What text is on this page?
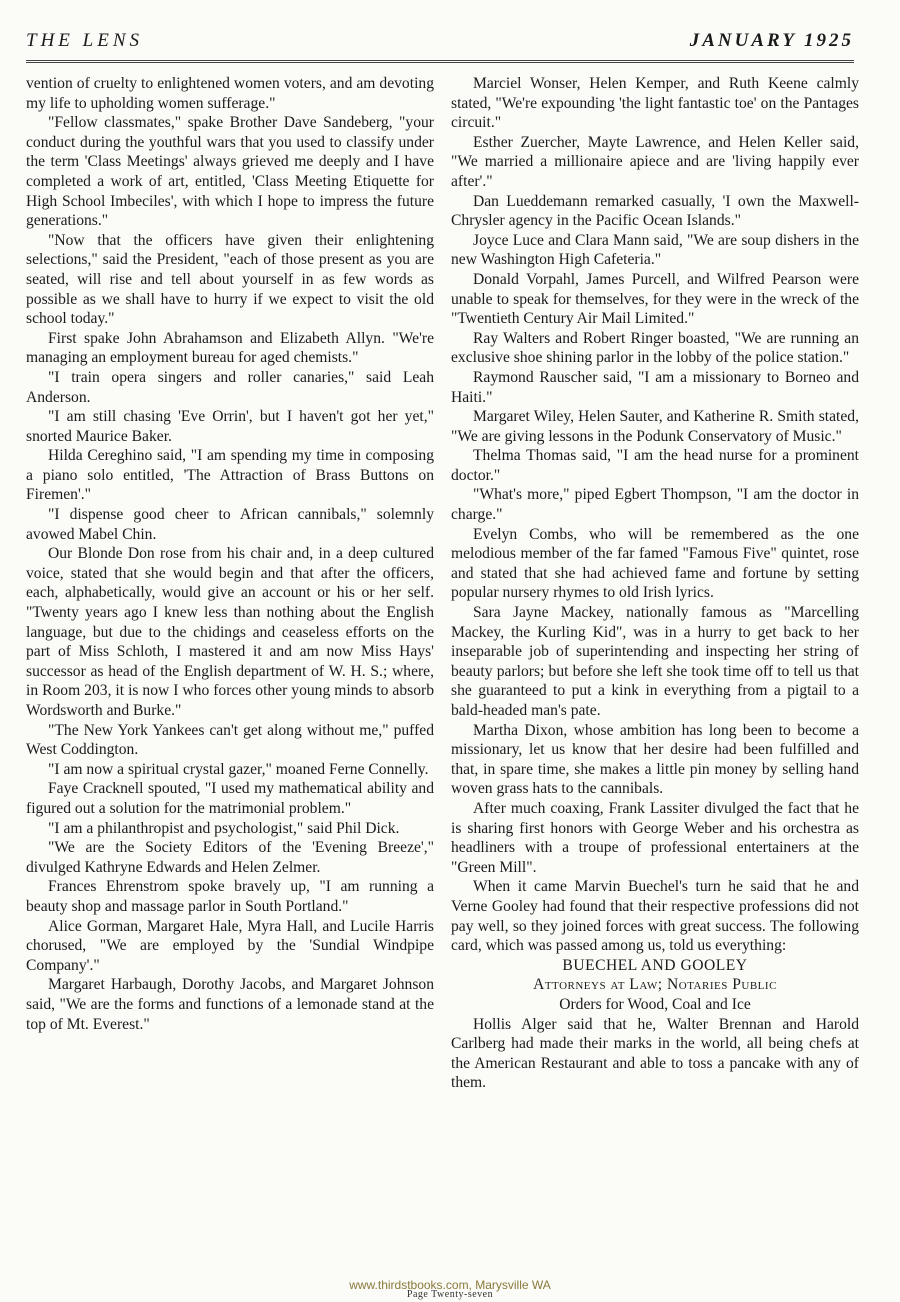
THE LENS	JANUARY 1925

vention of cruelty to enlightened women voters, and am devoting my life to upholding women sufferage."

"Fellow classmates," spake Brother Dave Sandeberg, "your conduct during the youthful wars that you used to classify under the term 'Class Meetings' always grieved me deeply and I have completed a work of art, entitled, 'Class Meeting Etiquette for High School Imbeciles', with which I hope to impress the future generations."

"Now that the officers have given their enlightening selections," said the President, "each of those present as you are seated, will rise and tell about yourself in as few words as possible as we shall have to hurry if we expect to visit the old school today."

First spake John Abrahamson and Elizabeth Allyn. "We're managing an employment bureau for aged chemists."

"I train opera singers and roller canaries," said Leah Anderson.

"I am still chasing 'Eve Orrin', but I haven't got her yet," snorted Maurice Baker.

Hilda Cereghino said, "I am spending my time in composing a piano solo entitled, 'The Attraction of Brass Buttons on Firemen'."

"I dispense good cheer to African cannibals," solemnly avowed Mabel Chin.

Our Blonde Don rose from his chair and, in a deep cultured voice, stated that she would begin and that after the officers, each, alphabetically, would give an account or his or her self. "Twenty years ago I knew less than nothing about the English language, but due to the chidings and ceaseless efforts on the part of Miss Schloth, I mastered it and am now Miss Hays' successor as head of the English department of W. H. S.; where, in Room 203, it is now I who forces other young minds to absorb Wordsworth and Burke."

"The New York Yankees can't get along without me," puffed West Coddington.

"I am now a spiritual crystal gazer," moaned Ferne Connelly.

Faye Cracknell spouted, "I used my mathematical ability and figured out a solution for the matrimonial problem."

"I am a philanthropist and psychologist," said Phil Dick.

"We are the Society Editors of the 'Evening Breeze'," divulged Kathryne Edwards and Helen Zelmer.

Frances Ehrenstrom spoke bravely up, "I am running a beauty shop and massage parlor in South Portland."

Alice Gorman, Margaret Hale, Myra Hall, and Lucile Harris chorused, "We are employed by the 'Sundial Windpipe Company'."

Margaret Harbaugh, Dorothy Jacobs, and Margaret Johnson said, "We are the forms and functions of a lemonade stand at the top of Mt. Everest."

Marciel Wonser, Helen Kemper, and Ruth Keene calmly stated, "We're expounding 'the light fantastic toe' on the Pantages circuit."

Esther Zuercher, Mayte Lawrence, and Helen Keller said, "We married a millionaire apiece and are 'living happily ever after'."

Dan Lueddemann remarked casually, 'I own the Maxwell-Chrysler agency in the Pacific Ocean Islands."

Joyce Luce and Clara Mann said, "We are soup dishers in the new Washington High Cafeteria."

Donald Vorpahl, James Purcell, and Wilfred Pearson were unable to speak for themselves, for they were in the wreck of the "Twentieth Century Air Mail Limited."

Ray Walters and Robert Ringer boasted, "We are running an exclusive shoe shining parlor in the lobby of the police station."

Raymond Rauscher said, "I am a missionary to Borneo and Haiti."

Margaret Wiley, Helen Sauter, and Katherine R. Smith stated, "We are giving lessons in the Podunk Conservatory of Music."

Thelma Thomas said, "I am the head nurse for a prominent doctor."

"What's more," piped Egbert Thompson, "I am the doctor in charge."

Evelyn Combs, who will be remembered as the one melodious member of the far famed "Famous Five" quintet, rose and stated that she had achieved fame and fortune by setting popular nursery rhymes to old Irish lyrics.

Sara Jayne Mackey, nationally famous as "Marcelling Mackey, the Kurling Kid", was in a hurry to get back to her inseparable job of superintending and inspecting her string of beauty parlors; but before she left she took time off to tell us that she guaranteed to put a kink in everything from a pigtail to a bald-headed man's pate.

Martha Dixon, whose ambition has long been to become a missionary, let us know that her desire had been fulfilled and that, in spare time, she makes a little pin money by selling hand woven grass hats to the cannibals.

After much coaxing, Frank Lassiter divulged the fact that he is sharing first honors with George Weber and his orchestra as headliners with a troupe of professional entertainers at the "Green Mill".

When it came Marvin Buechel's turn he said that he and Verne Gooley had found that their respective professions did not pay well, so they joined forces with great success. The following card, which was passed among us, told us everything:

BUECHEL AND GOOLEY

Attorneys at Law; Notaries Public

Orders for Wood, Coal and Ice

Hollis Alger said that he, Walter Brennan and Harold Carlberg had made their marks in the world, all being chefs at the American Restaurant and able to toss a pancake with any of them.

www.thirdstbooks.com, Marysville WA
Page Twenty-seven
